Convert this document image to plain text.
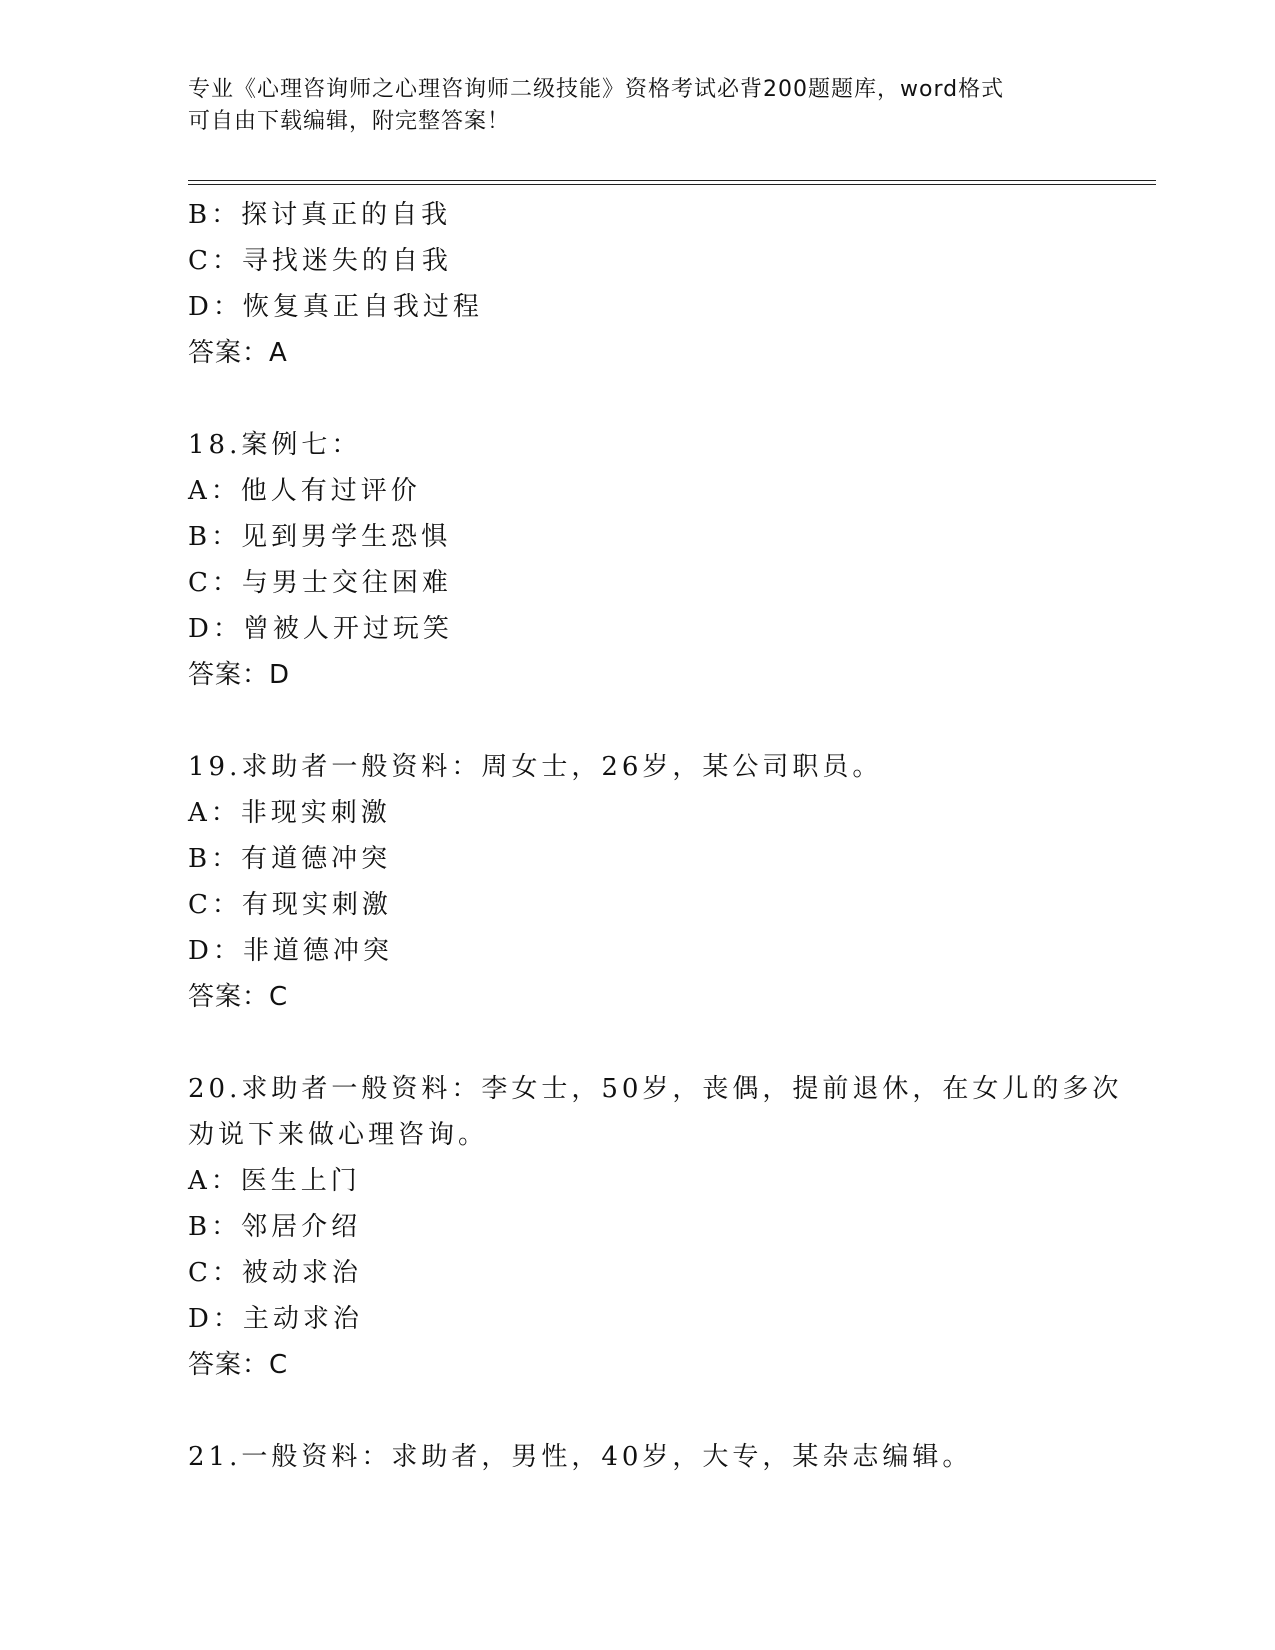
专业《心理咨询师之心理咨询师二级技能》资格考试必背200题题库，word格式
可自由下载编辑，附完整答案！
B：探讨真正的自我
C：寻找迷失的自我
D：恢复真正自我过程
答案：A
18.案例七：
A：他人有过评价
B：见到男学生恐惧
C：与男士交往困难
D：曾被人开过玩笑
答案：D
19.求助者一般资料：周女士，26岁，某公司职员。
A：非现实刺激
B：有道德冲突
C：有现实刺激
D：非道德冲突
答案：C
20.求助者一般资料：李女士，50岁，丧偶，提前退休，在女儿的多次
劝说下来做心理咨询。
A：医生上门
B：邻居介绍
C：被动求治
D：主动求治
答案：C
21.一般资料：求助者，男性，40岁，大专，某杂志编辑。
